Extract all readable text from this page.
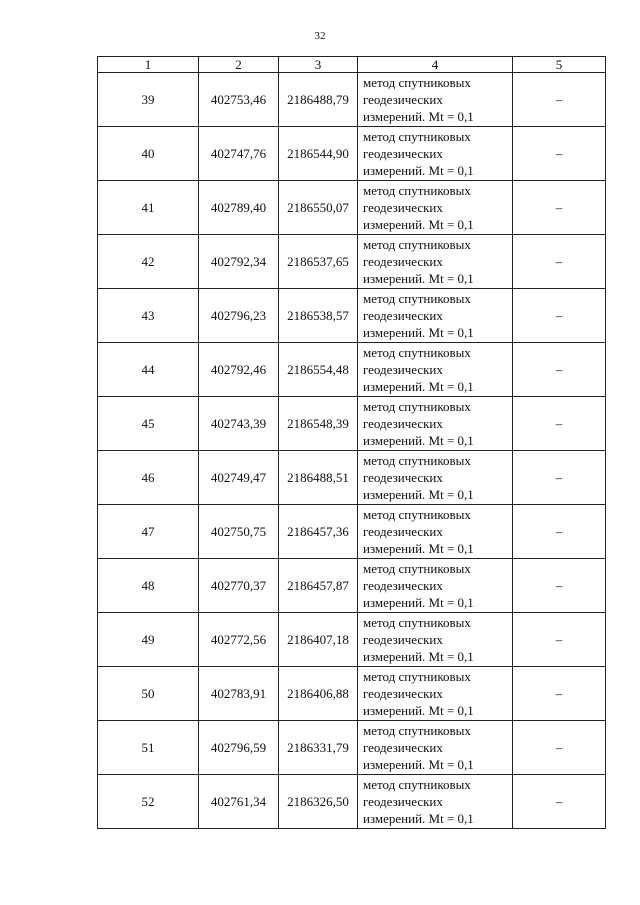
32
1	2	3	4	5
39	402753,46	2186488,79	метод спутниковых
геодезических
измерений. Mt = 0,1	–
40	402747,76	2186544,90	метод спутниковых
геодезических
измерений. Mt = 0,1	–
41	402789,40	2186550,07	метод спутниковых
геодезических
измерений. Mt = 0,1	–
42	402792,34	2186537,65	метод спутниковых
геодезических
измерений. Mt = 0,1	–
43	402796,23	2186538,57	метод спутниковых
геодезических
измерений. Mt = 0,1	–
44	402792,46	2186554,48	метод спутниковых
геодезических
измерений. Mt = 0,1	–
45	402743,39	2186548,39	метод спутниковых
геодезических
измерений. Mt = 0,1	–
46	402749,47	2186488,51	метод спутниковых
геодезических
измерений. Mt = 0,1	–
47	402750,75	2186457,36	метод спутниковых
геодезических
измерений. Mt = 0,1	–
48	402770,37	2186457,87	метод спутниковых
геодезических
измерений. Mt = 0,1	–
49	402772,56	2186407,18	метод спутниковых
геодезических
измерений. Mt = 0,1	–
50	402783,91	2186406,88	метод спутниковых
геодезических
измерений. Mt = 0,1	–
51	402796,59	2186331,79	метод спутниковых
геодезических
измерений. Mt = 0,1	–
52	402761,34	2186326,50	метод спутниковых
геодезических
измерений. Mt = 0,1	–
